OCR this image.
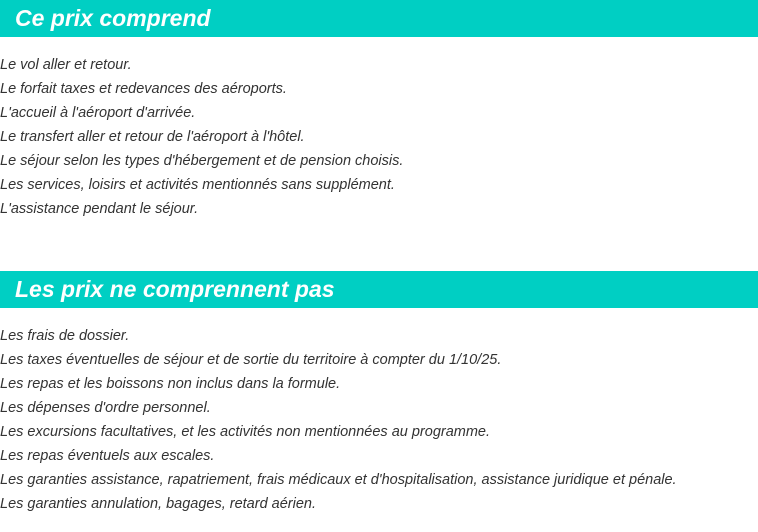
Ce prix comprend
Le vol aller et retour.
Le forfait taxes et redevances des aéroports.
L'accueil à l'aéroport d'arrivée.
Le transfert aller et retour de l'aéroport à l'hôtel.
Le séjour selon les types d'hébergement et de pension choisis.
Les services, loisirs et activités mentionnés sans supplément.
L'assistance pendant le séjour.
Les prix ne comprennent pas
Les frais de dossier.
Les taxes éventuelles de séjour et de sortie du territoire à compter du 1/10/25.
Les repas et les boissons non inclus dans la formule.
Les dépenses d'ordre personnel.
Les excursions facultatives, et les activités non mentionnées au programme.
Les repas éventuels aux escales.
Les garanties assistance, rapatriement, frais médicaux et d'hospitalisation, assistance juridique et pénale.
Les garanties annulation, bagages, retard aérien.
